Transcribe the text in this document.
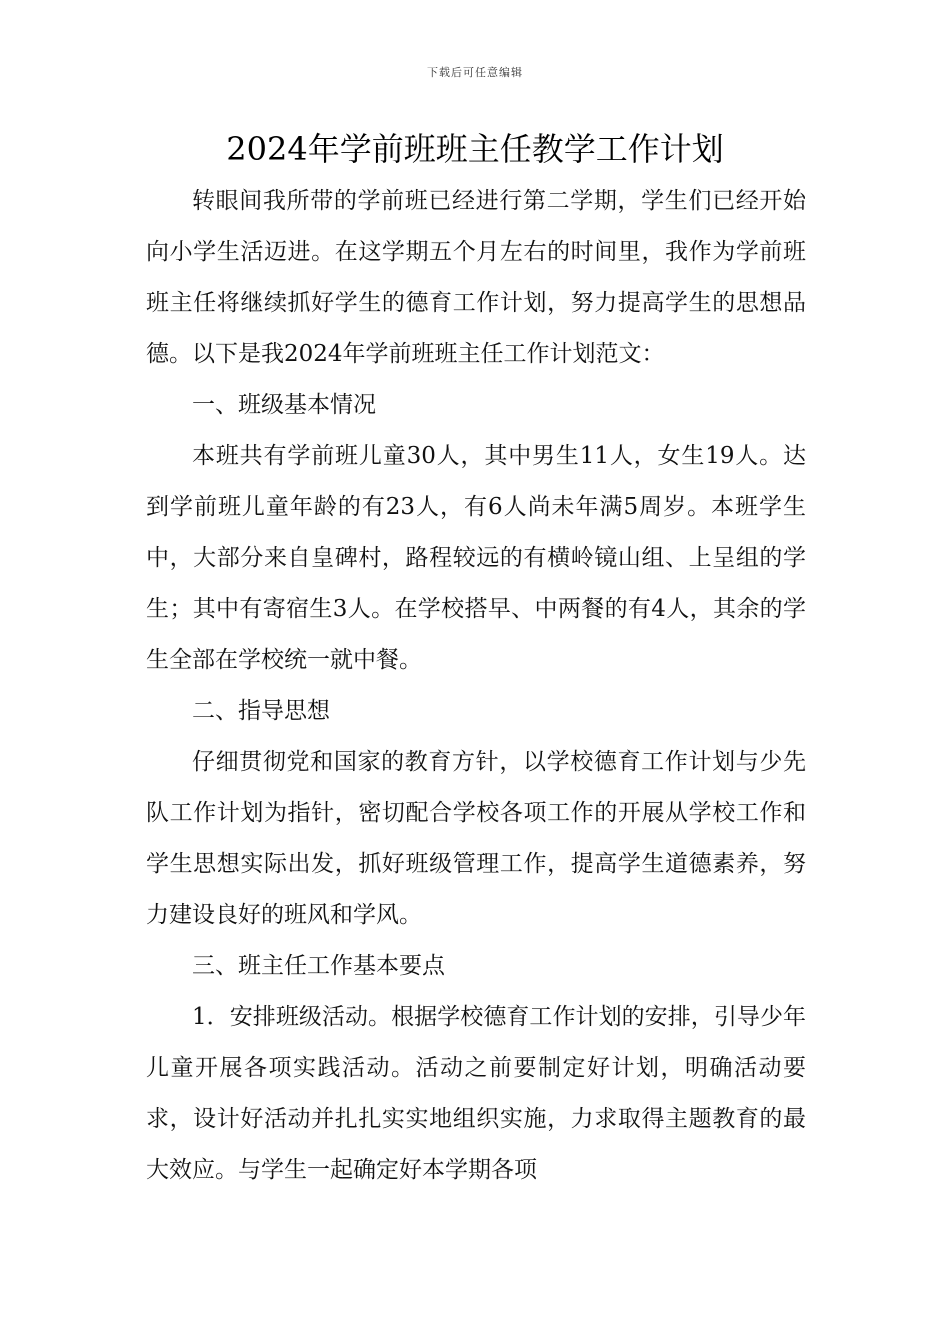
下载后可任意编辑
2024年学前班班主任教学工作计划

转眼间我所带的学前班已经进行第二学期，学生们已经开始向小学生活迈进。在这学期五个月左右的时间里，我作为学前班班主任将继续抓好学生的德育工作计划，努力提高学生的思想品德。以下是我2024年学前班班主任工作计划范文：

一、班级基本情况

本班共有学前班儿童30人，其中男生11人，女生19人。达到学前班儿童年龄的有23人，有6人尚未年满5周岁。本班学生中，大部分来自皇碑村，路程较远的有横岭镜山组、上呈组的学生；其中有寄宿生3人。在学校搭早、中两餐的有4人，其余的学生全部在学校统一就中餐。

二、指导思想

仔细贯彻党和国家的教育方针，以学校德育工作计划与少先队工作计划为指针，密切配合学校各项工作的开展从学校工作和学生思想实际出发，抓好班级管理工作，提高学生道德素养，努力建设良好的班风和学风。

三、班主任工作基本要点

1．安排班级活动。根据学校德育工作计划的安排，引导少年儿童开展各项实践活动。活动之前要制定好计划，明确活动要求，设计好活动并扎扎实实地组织实施，力求取得主题教育的最大效应。与学生一起确定好本学期各项
